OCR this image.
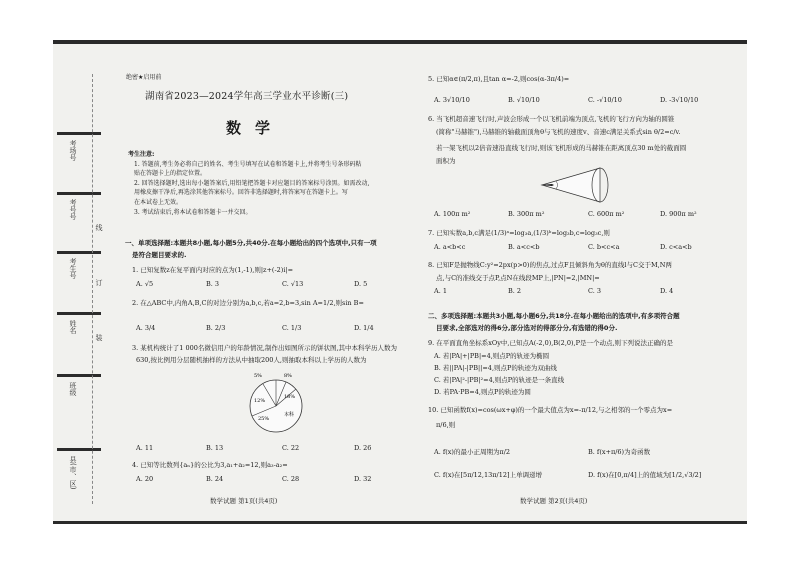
考场号
考号号
考生号
姓名
班级
县(市、区)
线
订
装
绝密★启用前
湖南省2023—2024学年高三学业水平诊断(三)
数学
考生注意:
1. 答题前,考生务必将自己的姓名、考生号填写在试卷和答题卡上,并将考生号条形码粘
贴在答题卡上的指定位置。
2. 回答选择题时,选出每小题答案后,用铅笔把答题卡对应题目的答案标号涂黑。如需改动,
用橡皮擦干净后,再选涂其他答案标号。回答非选择题时,将答案写在答题卡上。写
在本试卷上无效。
3. 考试结束后,将本试卷和答题卡一并交回。
一、单项选择题:本题共8小题,每小题5分,共40分.在每小题给出的四个选项中,只有一项
是符合题目要求的.
1. 已知复数z在复平面内对应的点为(1,-1),则|z+(-2)i|=
A. √5	B. 3	C. √13	D. 5
2. 在△ABC中,内角A,B,C的对边分别为a,b,c,若a=2,b=3,sin A=1/2,则sin B=
A. 3/4	B. 2/3	C. 1/3	D. 1/4
3. 某机构统计了1 000名微信用户的年龄情况,制作出如图所示的饼状图,其中本科学历人数为
630,按比例用分层随机抽样的方法从中抽取200人,则抽取本科以上学历的人数为
5%	8%
12%
25%
18%
本科
A. 11	B. 13	C. 22	D. 26
4. 已知等比数列{aₙ}的公比为3,a₁+a₂=12,则a₃-a₂=
A. 20	B. 24	C. 28	D. 32
数学试题 第1页(共4页)
5. 已知α∈(π/2,π),且tan α=-2,则cos(α-3π/4)=
A. 3√10/10	B. √10/10	C. -√10/10	D. -3√10/10
6. 当飞机超音速飞行时,声波会形成一个以飞机前端为顶点,飞机的飞行方向为轴的圆锥
(简称"马赫锥"),马赫锥的轴截面顶角θ与飞机的速度v、音速c满足关系式sin θ/2=c/v.
若一架飞机以2倍音速沿直线飞行时,则该飞机形成的马赫锥在距离顶点30 m处的截面圆
面积为
A. 100π m²	B. 300π m²	C. 600π m²	D. 900π m²
7. 已知实数a,b,c满足(1/3)ᵃ=log₃a,(1/3)ᵇ=log₃b,c=log₃c,则
A. a<b<c	B. a<c<b	C. b<c<a	D. c<a<b
8. 已知F是抛物线C:y²=2px(p>0)的焦点,过点F且倾斜角为θ的直线l与C交于M,N两
点,与C的准线交于点P,点N在线段MP上,|PN|=2,|MN|=
A. 1	B. 2	C. 3	D. 4
二、多项选择题:本题共3小题,每小题6分,共18分.在每小题给出的选项中,有多项符合题
目要求,全部选对的得6分,部分选对的得部分分,有选错的得0分.
9. 在平面直角坐标系xOy中,已知点A(-2,0),B(2,0),P是一个动点,则下列说法正确的是
A. 若|PA|+|PB|=4,则点P的轨迹为椭圆
B. 若||PA|-|PB||=4,则点P的轨迹为双曲线
C. 若|PA|²-|PB|²=4,则点P的轨迹是一条直线
D. 若PA·PB=4,则点P的轨迹为圆
10. 已知函数f(x)=cos(ωx+φ)的一个最大值点为x=-π/12,与之相邻的一个零点为x=
π/6,则
A. f(x)的最小正周期为π/2	B. f(x+π/6)为奇函数
C. f(x)在[5π/12,13π/12]上单调递增	D. f(x)在[0,π/4]上的值域为[1/2,√3/2]
数学试题 第2页(共4页)
